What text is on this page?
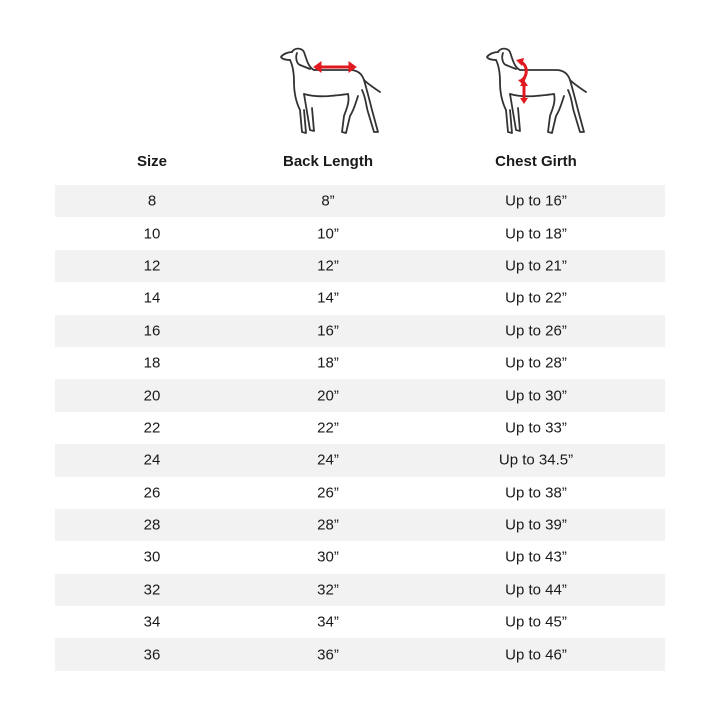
Size	Back Length	Chest Girth
8	8”	Up to 16”
10	10”	Up to 18”
12	12”	Up to 21”
14	14”	Up to 22”
16	16”	Up to 26”
18	18”	Up to 28”
20	20”	Up to 30”
22	22”	Up to 33”
24	24”	Up to 34.5”
26	26”	Up to 38”
28	28”	Up to 39”
30	30”	Up to 43”
32	32”	Up to 44”
34	34”	Up to 45”
36	36”	Up to 46”
